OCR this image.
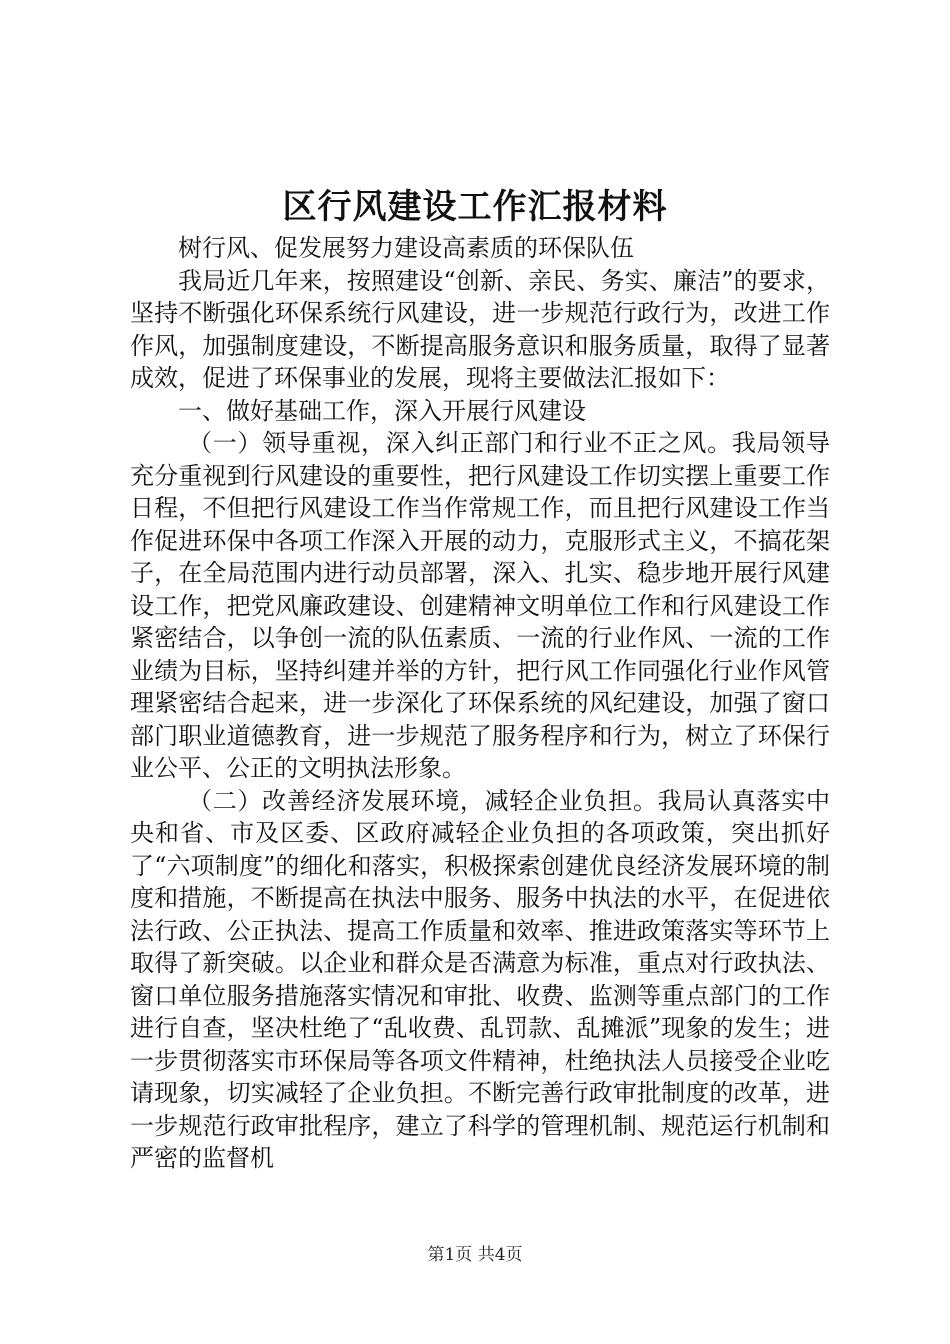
区行风建设工作汇报材料

树行风、促发展努力建设高素质的环保队伍

我局近几年来，按照建设“创新、亲民、务实、廉洁”的要求，坚持不断强化环保系统行风建设，进一步规范行政行为，改进工作作风，加强制度建设，不断提高服务意识和服务质量，取得了显著成效，促进了环保事业的发展，现将主要做法汇报如下：

一、做好基础工作，深入开展行风建设

（一）领导重视，深入纠正部门和行业不正之风。我局领导充分重视到行风建设的重要性，把行风建设工作切实摆上重要工作日程，不但把行风建设工作当作常规工作，而且把行风建设工作当作促进环保中各项工作深入开展的动力，克服形式主义，不搞花架子，在全局范围内进行动员部署，深入、扎实、稳步地开展行风建设工作，把党风廉政建设、创建精神文明单位工作和行风建设工作紧密结合，以争创一流的队伍素质、一流的行业作风、一流的工作业绩为目标，坚持纠建并举的方针，把行风工作同强化行业作风管理紧密结合起来，进一步深化了环保系统的风纪建设，加强了窗口部门职业道德教育，进一步规范了服务程序和行为，树立了环保行业公平、公正的文明执法形象。

（二）改善经济发展环境，减轻企业负担。我局认真落实中央和省、市及区委、区政府减轻企业负担的各项政策，突出抓好了“六项制度”的细化和落实，积极探索创建优良经济发展环境的制度和措施，不断提高在执法中服务、服务中执法的水平，在促进依法行政、公正执法、提高工作质量和效率、推进政策落实等环节上取得了新突破。以企业和群众是否满意为标准，重点对行政执法、窗口单位服务措施落实情况和审批、收费、监测等重点部门的工作进行自查，坚决杜绝了“乱收费、乱罚款、乱摊派”现象的发生；进一步贯彻落实市环保局等各项文件精神，杜绝执法人员接受企业吃请现象，切实减轻了企业负担。不断完善行政审批制度的改革，进一步规范行政审批程序，建立了科学的管理机制、规范运行机制和严密的监督机

第1页 共4页
